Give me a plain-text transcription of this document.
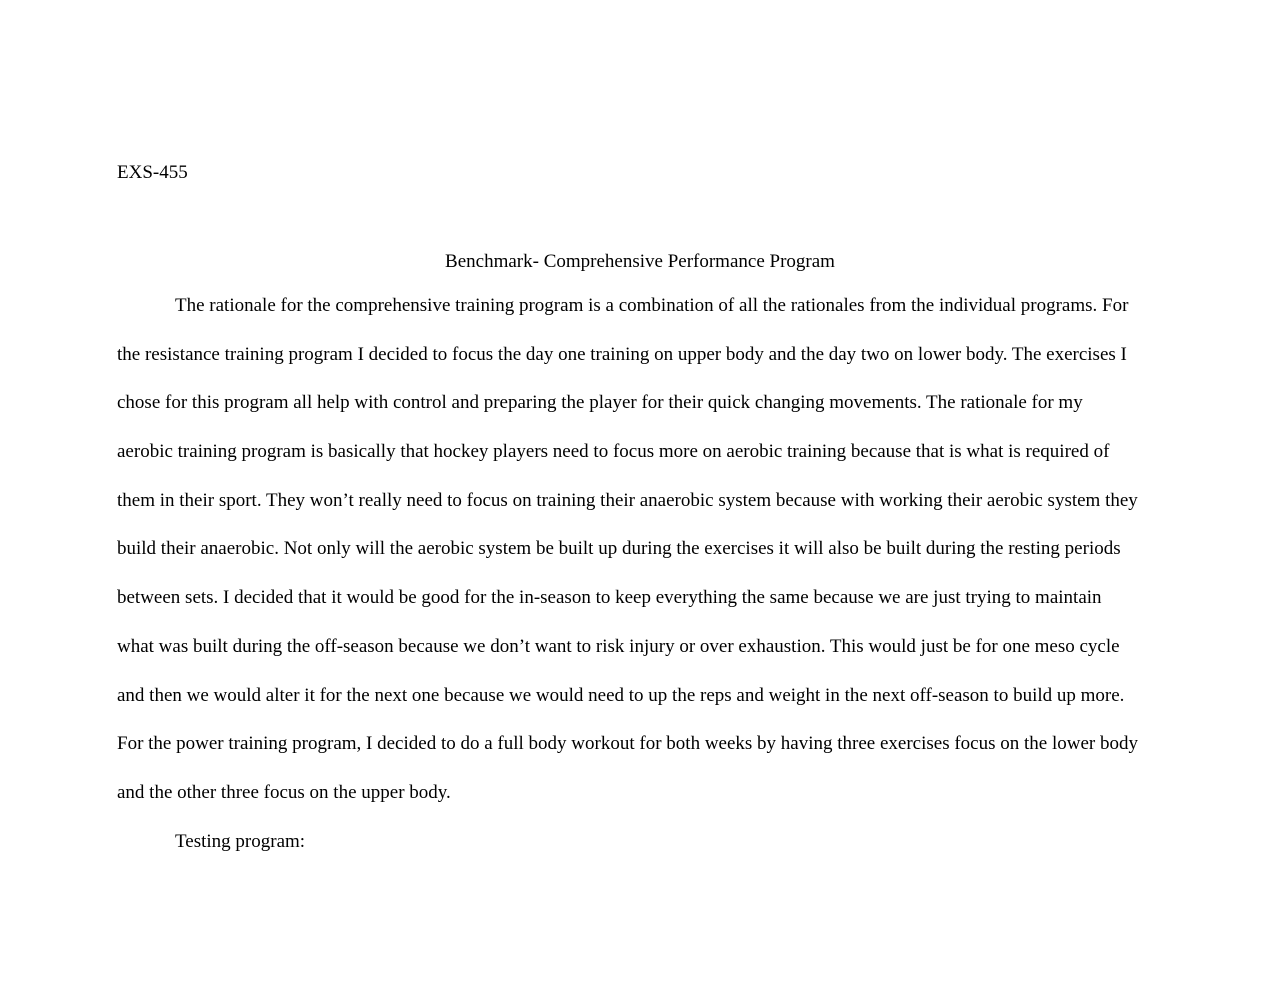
EXS-455
Benchmark- Comprehensive Performance Program
The rationale for the comprehensive training program is a combination of all the rationales from the individual programs. For
the resistance training program I decided to focus the day one training on upper body and the day two on lower body. The exercises I
chose for this program all help with control and preparing the player for their quick changing movements. The rationale for my
aerobic training program is basically that hockey players need to focus more on aerobic training because that is what is required of
them in their sport. They won’t really need to focus on training their anaerobic system because with working their aerobic system they
build their anaerobic. Not only will the aerobic system be built up during the exercises it will also be built during the resting periods
between sets. I decided that it would be good for the in-season to keep everything the same because we are just trying to maintain
what was built during the off-season because we don’t want to risk injury or over exhaustion. This would just be for one meso cycle
and then we would alter it for the next one because we would need to up the reps and weight in the next off-season to build up more.
For the power training program, I decided to do a full body workout for both weeks by having three exercises focus on the lower body
and the other three focus on the upper body.
Testing program:
